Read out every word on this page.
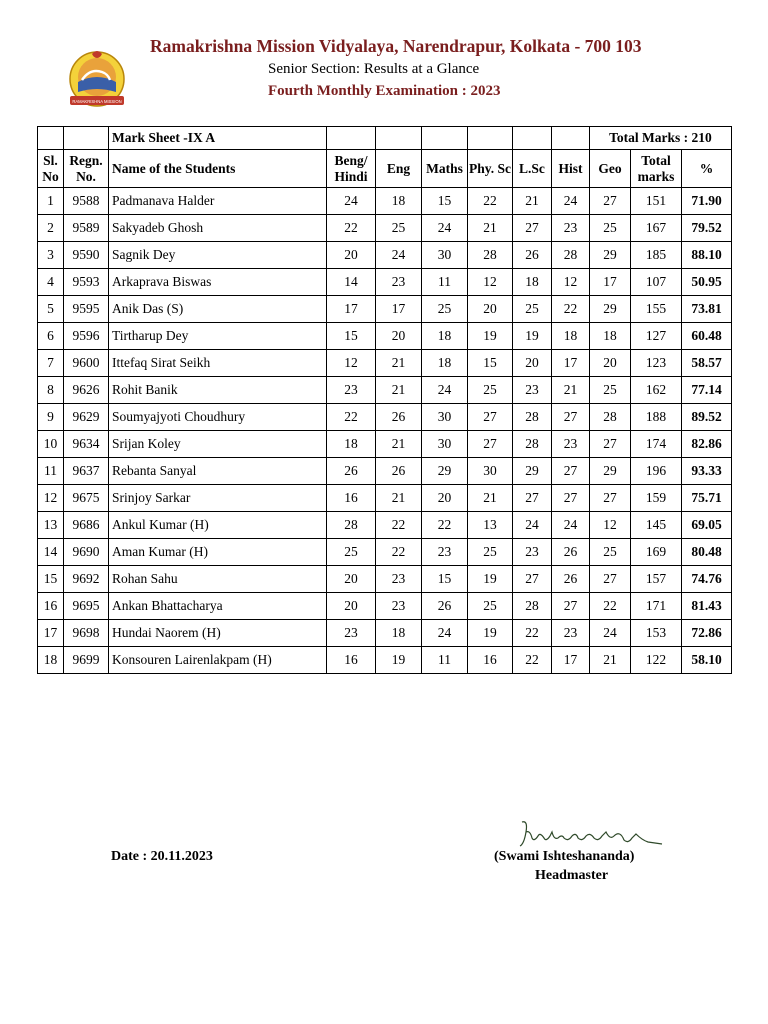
RAMAKRISHNA MISSION
Ramakrishna Mission Vidyalaya, Narendrapur, Kolkata - 700 103
Senior Section: Results at a Glance
Fourth Monthly Examination : 2023
		Mark Sheet -IX A							Total Marks : 210		
Sl. No	Regn. No.	Name of the Students	Beng/ Hindi	Eng	Maths	Phy. Sc	L.Sc	Hist	Geo	Total marks	%
1	9588	Padmanava Halder	24	18	15	22	21	24	27	151	71.90
2	9589	Sakyadeb Ghosh	22	25	24	21	27	23	25	167	79.52
3	9590	Sagnik Dey	20	24	30	28	26	28	29	185	88.10
4	9593	Arkaprava Biswas	14	23	11	12	18	12	17	107	50.95
5	9595	Anik Das (S)	17	17	25	20	25	22	29	155	73.81
6	9596	Tirtharup Dey	15	20	18	19	19	18	18	127	60.48
7	9600	Ittefaq Sirat Seikh	12	21	18	15	20	17	20	123	58.57
8	9626	Rohit Banik	23	21	24	25	23	21	25	162	77.14
9	9629	Soumyajyoti Choudhury	22	26	30	27	28	27	28	188	89.52
10	9634	Srijan Koley	18	21	30	27	28	23	27	174	82.86
11	9637	Rebanta Sanyal	26	26	29	30	29	27	29	196	93.33
12	9675	Srinjoy Sarkar	16	21	20	21	27	27	27	159	75.71
13	9686	Ankul Kumar (H)	28	22	22	13	24	24	12	145	69.05
14	9690	Aman Kumar (H)	25	22	23	25	23	26	25	169	80.48
15	9692	Rohan Sahu	20	23	15	19	27	26	27	157	74.76
16	9695	Ankan Bhattacharya	20	23	26	25	28	27	22	171	81.43
17	9698	Hundai Naorem (H)	23	18	24	19	22	23	24	153	72.86
18	9699	Konsouren Lairenlakpam (H)	16	19	11	16	22	17	21	122	58.10
Date : 20.11.2023	(Swami Ishteshananda)
Headmaster
